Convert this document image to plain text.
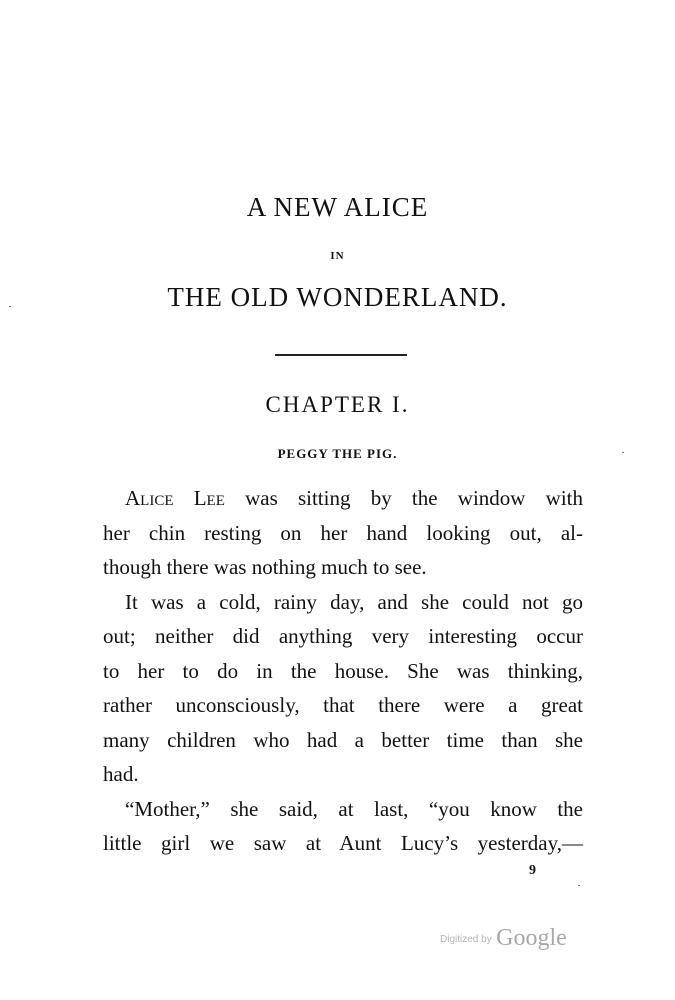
A NEW ALICE
IN
THE OLD WONDERLAND.
CHAPTER I.
PEGGY THE PIG.
Alice Lee was sitting by the window with
her chin resting on her hand looking out, al-
though there was nothing much to see.
It was a cold, rainy day, and she could not go
out; neither did anything very interesting occur
to her to do in the house. She was thinking,
rather unconsciously, that there were a great
many children who had a better time than she
had.
“Mother,” she said, at last, “you know the
little girl we saw at Aunt Lucy’s yesterday,—
9
Digitized by Google
